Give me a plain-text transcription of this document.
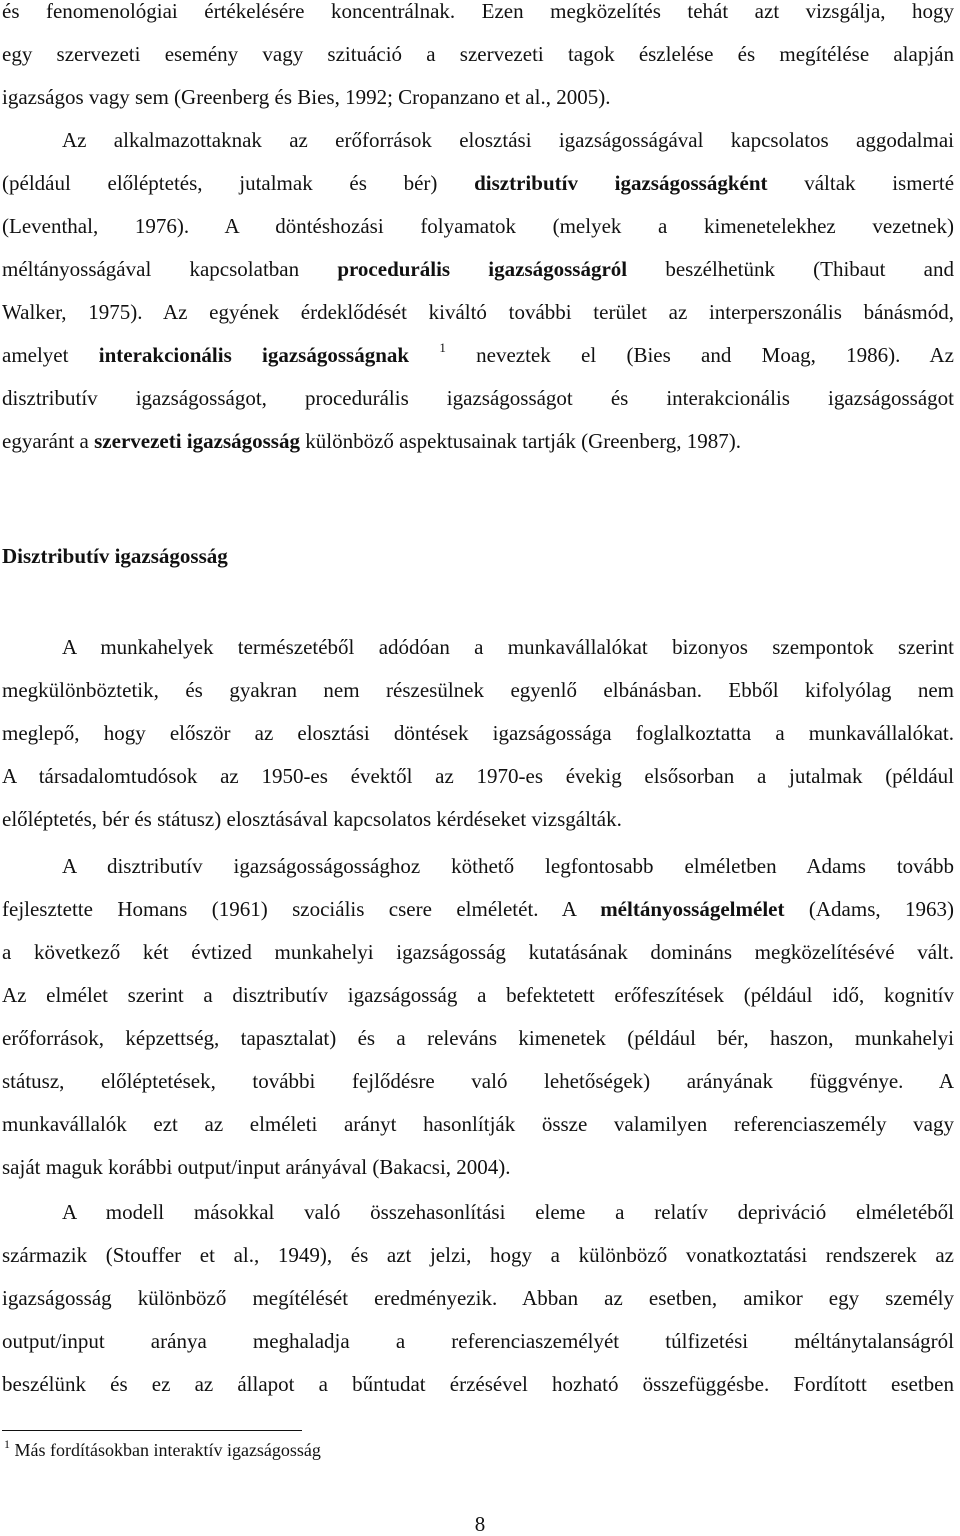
és fenomenológiai értékelésére koncentrálnak. Ezen megközelítés tehát azt vizsgálja, hogy
egy szervezeti esemény vagy szituáció a szervezeti tagok észlelése és megítélése alapján
igazságos vagy sem (Greenberg és Bies, 1992; Cropanzano et al., 2005).
Az alkalmazottaknak az erőforrások elosztási igazságosságával kapcsolatos aggodalmai
(például előléptetés, jutalmak és bér) disztributív igazságosságként váltak ismerté
(Leventhal, 1976). A döntéshozási folyamatok (melyek a kimenetelekhez vezetnek)
méltányosságával kapcsolatban procedurális igazságosságról beszélhetünk (Thibaut and
Walker, 1975). Az egyének érdeklődését kiváltó további terület az interperszonális bánásmód,
amelyet interakcionális igazságosságnak $^1$ neveztek el (Bies and Moag, 1986). Az
disztributív igazságosságot, procedurális igazságosságot és interakcionális igazságosságot
egyaránt a szervezeti igazságosság különböző aspektusainak tartják (Greenberg, 1987).
Disztributív igazságosság
A munkahelyek természetéből adódóan a munkavállalókat bizonyos szempontok szerint
megkülönböztetik, és gyakran nem részesülnek egyenlő elbánásban. Ebből kifolyólag nem
meglepő, hogy először az elosztási döntések igazságossága foglalkoztatta a munkavállalókat.
A társadalomtudósok az 1950-es évektől az 1970-es évekig elsősorban a jutalmak (például
előléptetés, bér és státusz) elosztásával kapcsolatos kérdéseket vizsgálták.
A disztributív igazságosságossághoz köthető legfontosabb elméletben Adams tovább
fejlesztette Homans (1961) szociális csere elméletét. A méltányosságelmélet (Adams, 1963)
a következő két évtized munkahelyi igazságosság kutatásának domináns megközelítésévé vált.
Az elmélet szerint a disztributív igazságosság a befektetett erőfeszítések (például idő, kognitív
erőforrások, képzettség, tapasztalat) és a releváns kimenetek (például bér, haszon, munkahelyi
státusz, előléptetések, további fejlődésre való lehetőségek) arányának függvénye. A
munkavállalók ezt az elméleti arányt hasonlítják össze valamilyen referenciaszemély vagy
saját maguk korábbi output/input arányával (Bakacsi, 2004).
A modell másokkal való összehasonlítási eleme a relatív depriváció elméletéből
származik (Stouffer et al., 1949), és azt jelzi, hogy a különböző vonatkoztatási rendszerek az
igazságosság különböző megítélését eredményezik. Abban az esetben, amikor egy személy
output/input aránya meghaladja a referenciaszemélyét túlfizetési méltánytalanságról
beszélünk és ez az állapot a bűntudat érzésével hozható összefüggésbe. Fordított esetben
$^1$ Más fordításokban interaktív igazságosság
8
